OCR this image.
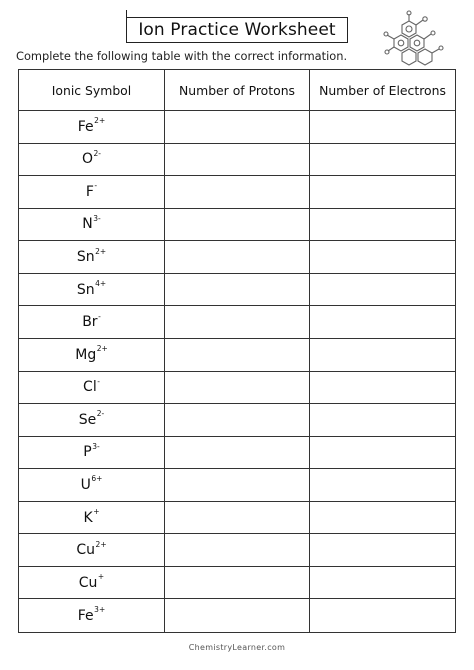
Ion Practice Worksheet
Complete the following table with the correct information.
Ionic Symbol	Number of Protons	Number of Electrons
$Fe^{2+}$
$O^{2-}$
F-
$N^{3-}$
$Sn^{2+}$
$Sn^{4+}$
Br-
$Mg^{2+}$
Cl-
$Se^{2-}$
$P^{3-}$
$U^{6+}$
K+
$Cu^{2+}$
Cu+
$Fe^{3+}$
ChemistryLearner.com
